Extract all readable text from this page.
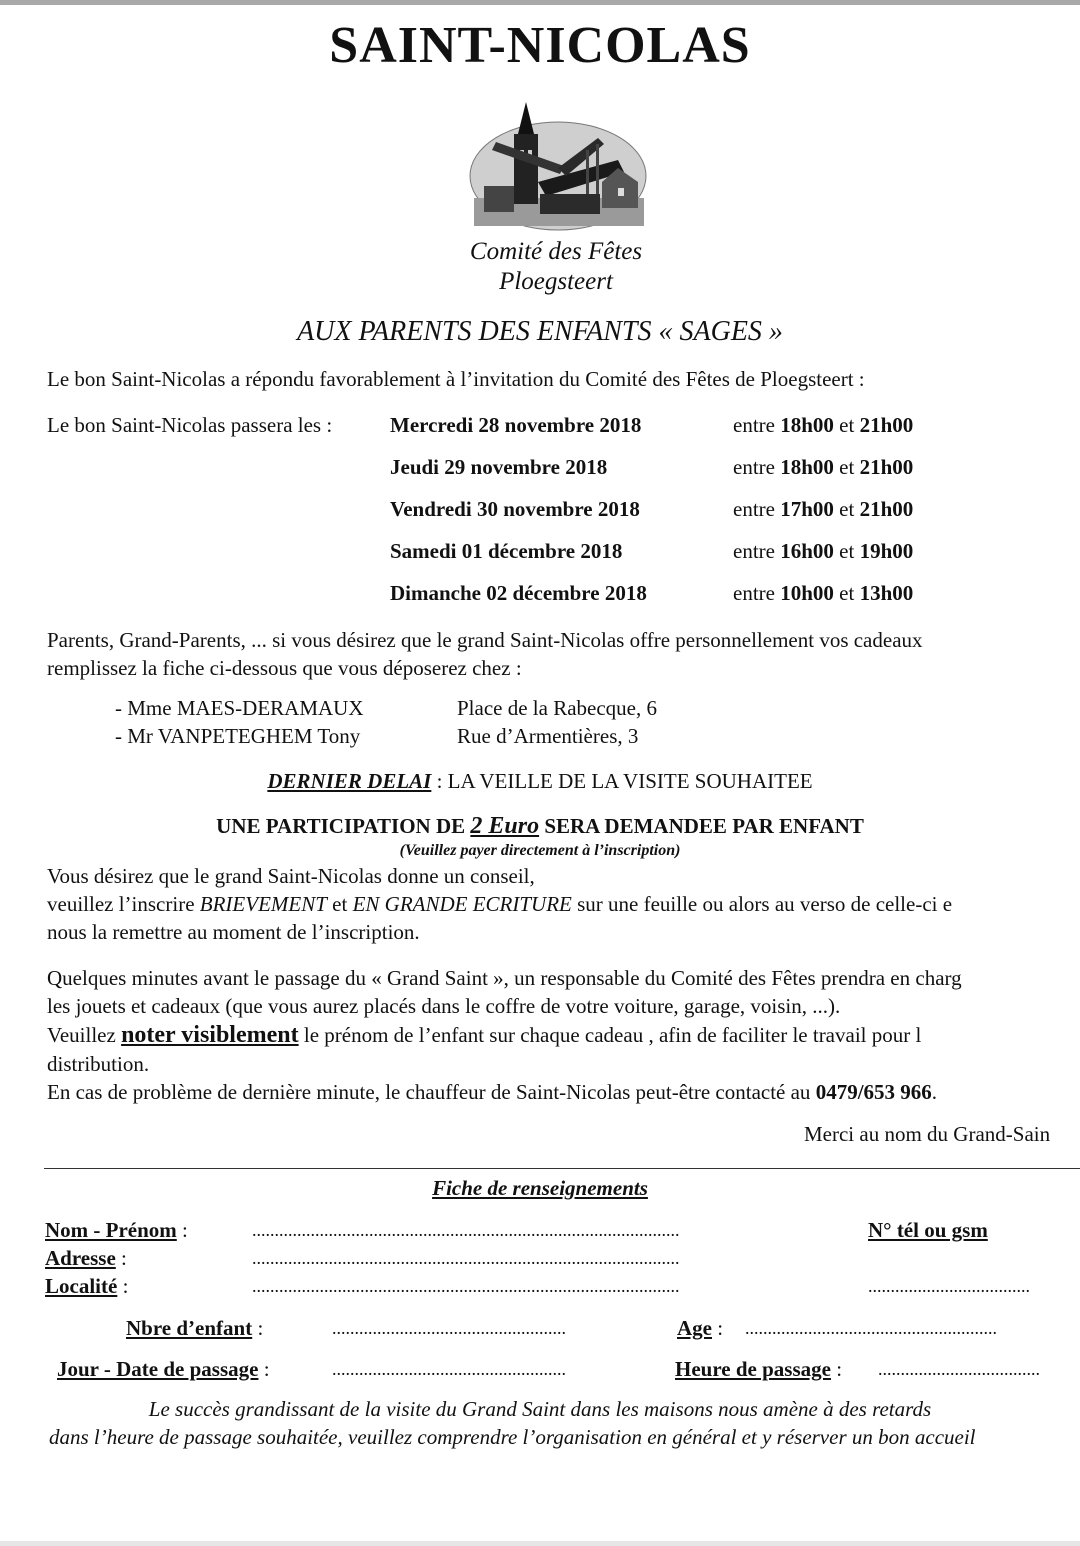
SAINT-NICOLAS
Comité des Fêtes
Ploegsteert
AUX PARENTS DES ENFANTS « SAGES »
Le bon Saint-Nicolas a répondu favorablement à l’invitation du Comité des Fêtes de Ploegsteert :
Le bon Saint-Nicolas passera les :	Mercredi 28 novembre 2018	entre 18h00 et 21h00
Jeudi 29 novembre 2018	entre 18h00 et 21h00
Vendredi 30 novembre 2018	entre 17h00 et 21h00
Samedi 01 décembre 2018	entre 16h00 et 19h00
Dimanche 02 décembre 2018	entre 10h00 et 13h00
Parents, Grand-Parents, ... si vous désirez que le grand Saint-Nicolas offre personnellement vos cadeaux
remplissez la fiche ci-dessous que vous déposerez chez :
- Mme MAES-DERAMAUX	Place de la Rabecque, 6
- Mr VANPETEGHEM Tony	Rue d’Armentières, 3
DERNIER DELAI : LA VEILLE DE LA VISITE SOUHAITEE
UNE PARTICIPATION DE 2 Euro SERA DEMANDEE PAR ENFANT
(Veuillez payer directement à l’inscription)
Vous désirez que le grand Saint-Nicolas donne un conseil,
veuillez l’inscrire BRIEVEMENT et EN GRANDE ECRITURE sur une feuille ou alors au verso de celle-ci e
nous la remettre au moment de l’inscription.
Quelques minutes avant le passage du « Grand Saint », un responsable du Comité des Fêtes prendra en charg
les jouets et cadeaux (que vous aurez placés dans le coffre de votre voiture, garage, voisin, ...).
Veuillez noter visiblement le prénom de l’enfant sur chaque cadeau , afin de faciliter le travail pour l
distribution.
En cas de problème de dernière minute, le chauffeur de Saint-Nicolas peut-être contacté au 0479/653 966.
Merci au nom du Grand-Sain
Fiche de renseignements
Nom - Prénom :	...............................................................................................	N° tél ou gsm
Adresse :	...............................................................................................
Localité :	...............................................................................................	....................................
Nbre d’enfant :	....................................................	Age : ........................................................
Jour - Date de passage :	....................................................	Heure de passage : ....................................
Le succès grandissant de la visite du Grand Saint dans les maisons nous amène à des retards
dans l’heure de passage souhaitée, veuillez comprendre l’organisation en général et y réserver un bon accueil
